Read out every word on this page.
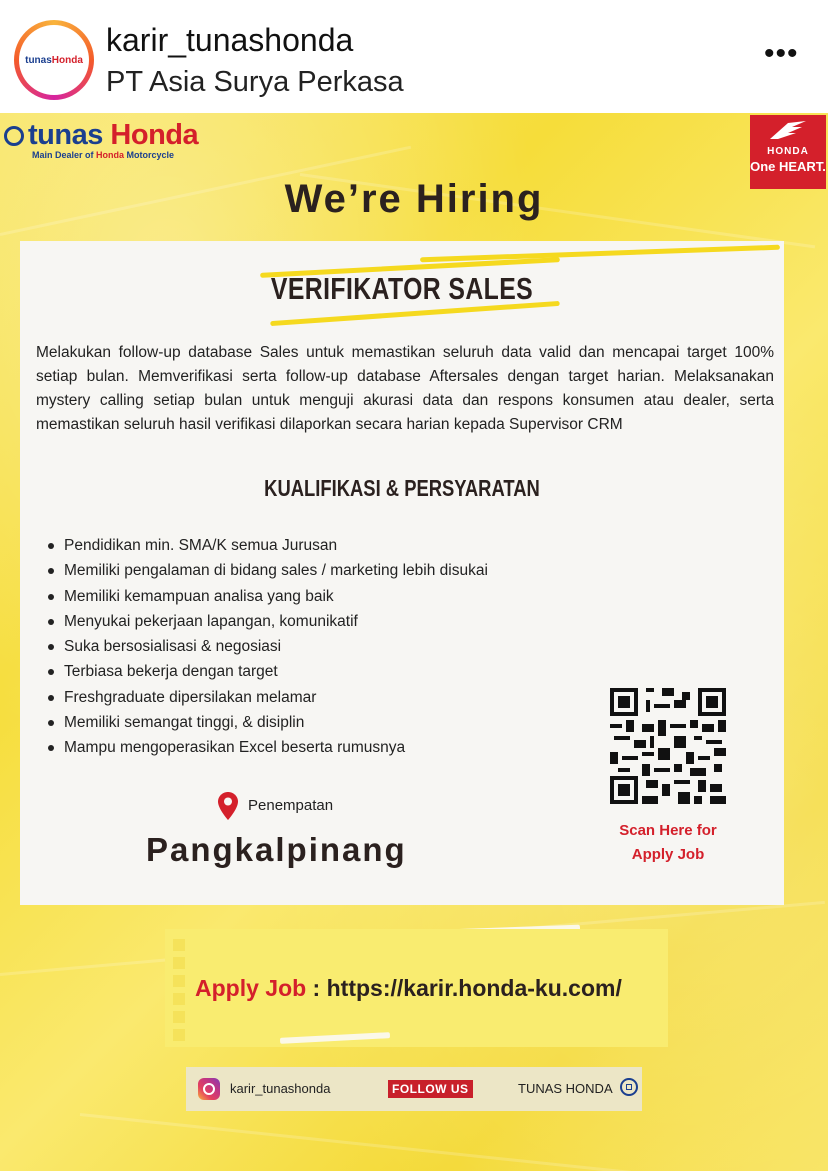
tunasHonda
karir_tunashonda
PT Asia Surya Perkasa
•••
tunas Honda
Main Dealer of Honda Motorcycle	HONDA
One HEART.
We’re Hiring
VERIFIKATOR SALES
Melakukan follow-up database Sales untuk memastikan seluruh data valid dan mencapai target 100% setiap bulan. Memverifikasi serta follow-up database Aftersales dengan target harian. Melaksanakan mystery calling setiap bulan untuk menguji akurasi data dan respons konsumen atau dealer, serta memastikan seluruh hasil verifikasi dilaporkan secara harian kepada Supervisor CRM
KUALIFIKASI & PERSYARATAN
Pendidikan min. SMA/K semua Jurusan
Memiliki pengalaman di bidang sales / marketing lebih disukai
Memiliki kemampuan analisa yang baik
Menyukai pekerjaan lapangan, komunikatif
Suka bersosialisasi & negosiasi
Terbiasa bekerja dengan target
Freshgraduate dipersilakan melamar
Memiliki semangat tinggi, & disiplin
Mampu mengoperasikan Excel beserta rumusnya
Penempatan
Pangkalpinang
Scan Here for
Apply Job
Apply Job : https://karir.honda-ku.com/
karir_tunashonda	FOLLOW US	TUNAS HONDA
